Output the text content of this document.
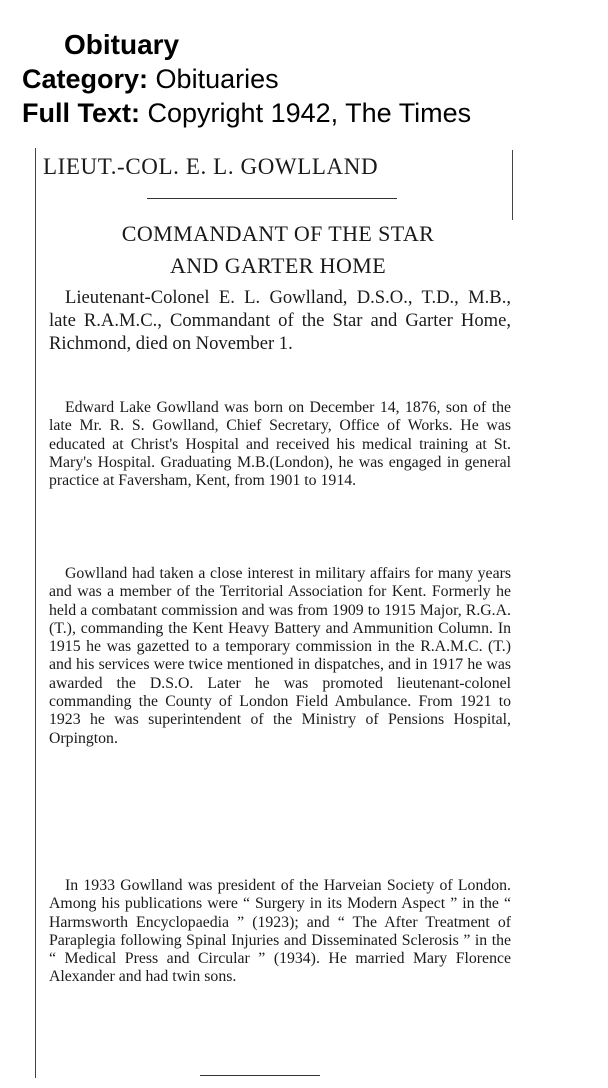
Obituary
Category: Obituaries
Full Text: Copyright 1942, The Times
LIEUT.-COL. E. L. GOWLLAND
COMMANDANT OF THE STAR
AND GARTER HOME
Lieutenant-Colonel E. L. Gowlland, D.S.O., T.D., M.B., late R.A.M.C., Commandant of the Star and Garter Home, Richmond, died on November 1.
Edward Lake Gowlland was born on December 14, 1876, son of the late Mr. R. S. Gowlland, Chief Secretary, Office of Works. He was educated at Christ's Hospital and received his medical training at St. Mary's Hospital. Graduating M.B.(London), he was engaged in general practice at Faversham, Kent, from 1901 to 1914.
Gowlland had taken a close interest in military affairs for many years and was a member of the Territorial Association for Kent. Formerly he held a combatant commission and was from 1909 to 1915 Major, R.G.A. (T.), commanding the Kent Heavy Battery and Ammunition Column. In 1915 he was gazetted to a temporary commission in the R.A.M.C. (T.) and his services were twice mentioned in dispatches, and in 1917 he was awarded the D.S.O. Later he was promoted lieutenant-colonel commanding the County of London Field Ambulance. From 1921 to 1923 he was superintendent of the Ministry of Pensions Hospital, Orpington.
In 1933 Gowlland was president of the Harveian Society of London. Among his publications were “ Surgery in its Modern Aspect ” in the “ Harmsworth Encyclopaedia ” (1923); and “ The After Treatment of Paraplegia following Spinal Injuries and Disseminated Sclerosis ” in the “ Medical Press and Circular ” (1934). He married Mary Florence Alexander and had twin sons.
